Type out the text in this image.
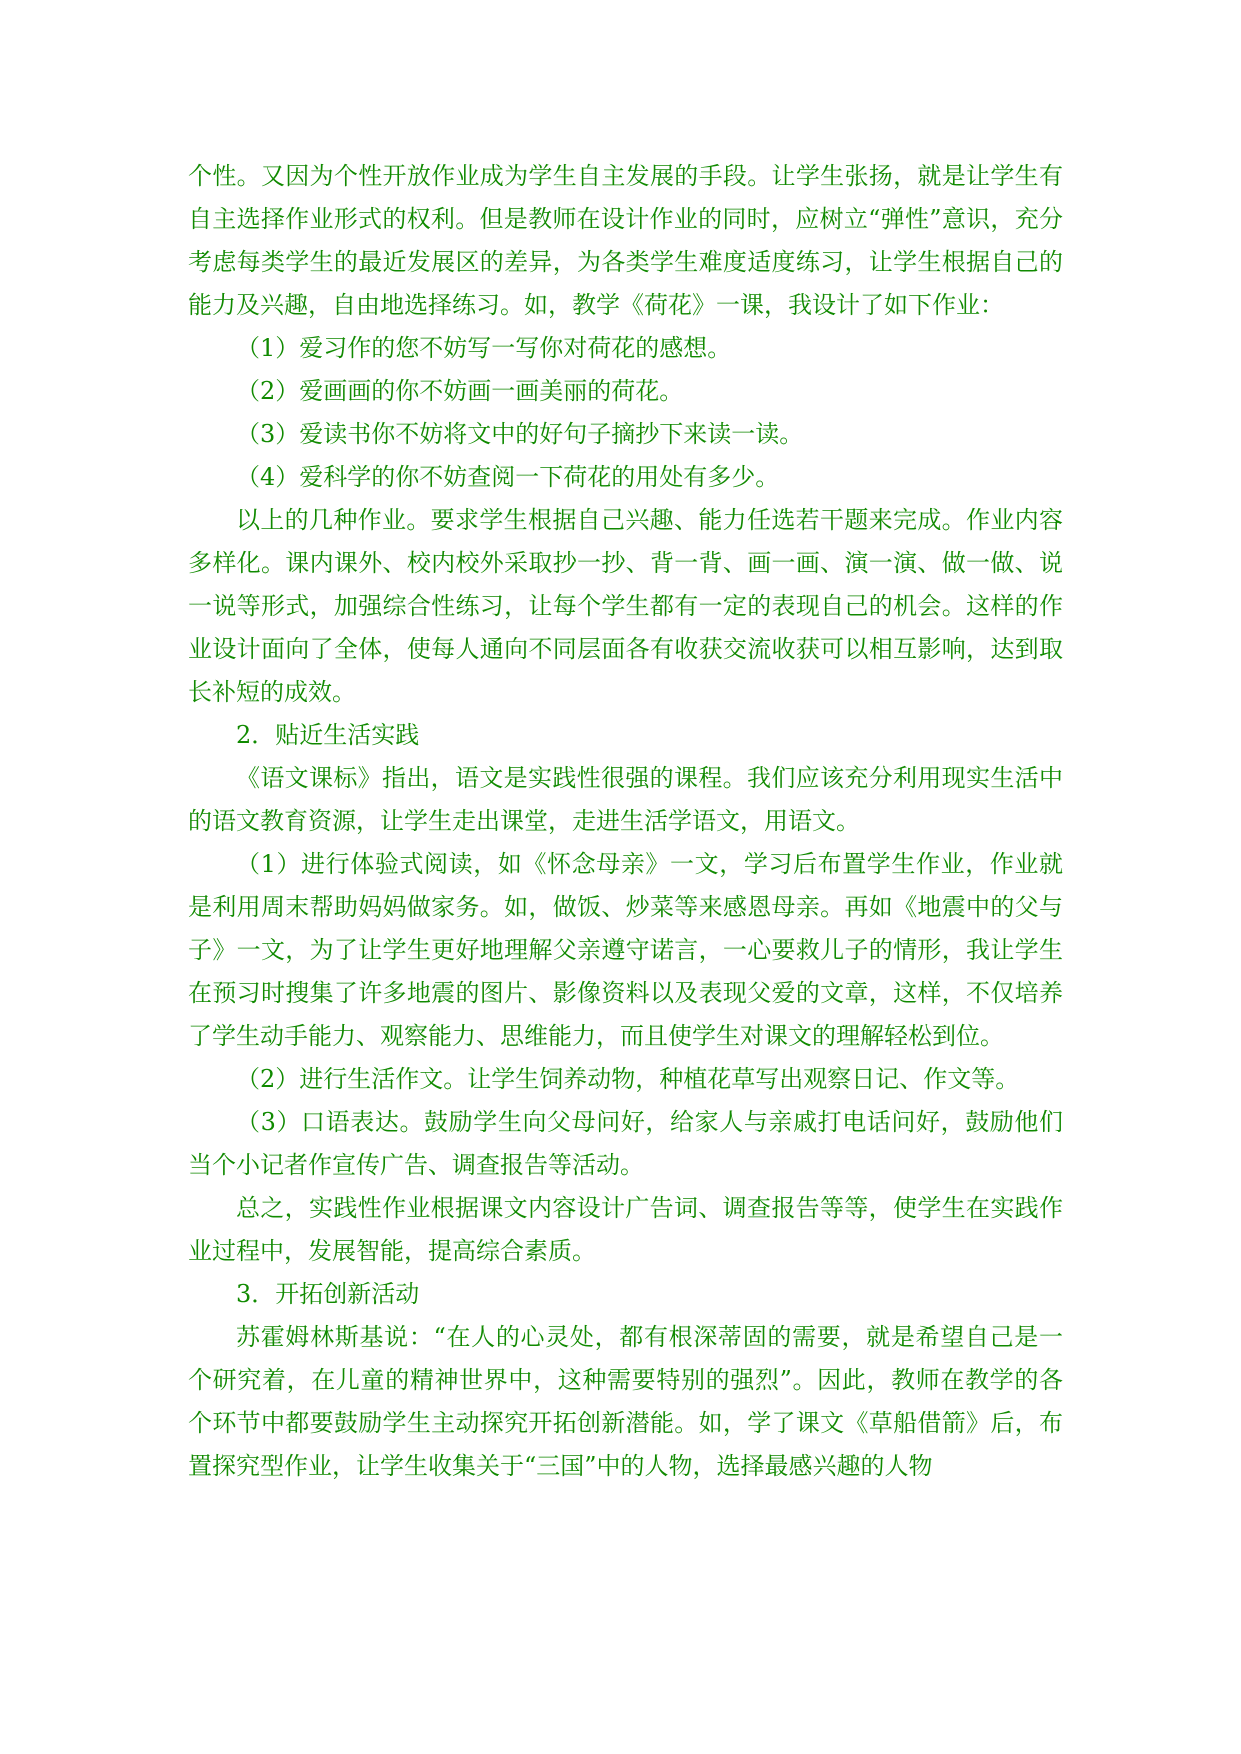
个性。又因为个性开放作业成为学生自主发展的手段。让学生张扬，就是让学生有自主选择作业形式的权利。但是教师在设计作业的同时，应树立“弹性”意识，充分考虑每类学生的最近发展区的差异，为各类学生难度适度练习，让学生根据自己的能力及兴趣，自由地选择练习。如，教学《荷花》一课，我设计了如下作业：

（1）爱习作的您不妨写一写你对荷花的感想。

（2）爱画画的你不妨画一画美丽的荷花。

（3）爱读书你不妨将文中的好句子摘抄下来读一读。

（4）爱科学的你不妨查阅一下荷花的用处有多少。

以上的几种作业。要求学生根据自己兴趣、能力任选若干题来完成。作业内容多样化。课内课外、校内校外采取抄一抄、背一背、画一画、演一演、做一做、说一说等形式，加强综合性练习，让每个学生都有一定的表现自己的机会。这样的作业设计面向了全体，使每人通向不同层面各有收获交流收获可以相互影响，达到取长补短的成效。

2．贴近生活实践

《语文课标》指出，语文是实践性很强的课程。我们应该充分利用现实生活中的语文教育资源，让学生走出课堂，走进生活学语文，用语文。

（1）进行体验式阅读，如《怀念母亲》一文，学习后布置学生作业，作业就是利用周末帮助妈妈做家务。如，做饭、炒菜等来感恩母亲。再如《地震中的父与子》一文，为了让学生更好地理解父亲遵守诺言，一心要救儿子的情形，我让学生在预习时搜集了许多地震的图片、影像资料以及表现父爱的文章，这样，不仅培养了学生动手能力、观察能力、思维能力，而且使学生对课文的理解轻松到位。

（2）进行生活作文。让学生饲养动物，种植花草写出观察日记、作文等。

（3）口语表达。鼓励学生向父母问好，给家人与亲戚打电话问好，鼓励他们当个小记者作宣传广告、调查报告等活动。

总之，实践性作业根据课文内容设计广告词、调查报告等等，使学生在实践作业过程中，发展智能，提高综合素质。

3．开拓创新活动

苏霍姆林斯基说：“在人的心灵处，都有根深蒂固的需要，就是希望自己是一个研究着，在儿童的精神世界中，这种需要特别的强烈”。因此，教师在教学的各个环节中都要鼓励学生主动探究开拓创新潜能。如，学了课文《草船借箭》后，布置探究型作业，让学生收集关于“三国”中的人物，选择最感兴趣的人物
